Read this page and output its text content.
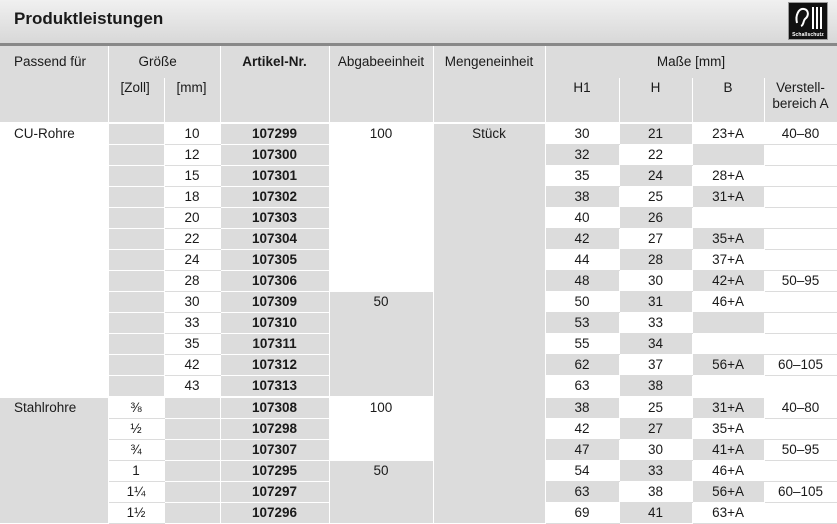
Produktleistungen
Schallschutz
Passend für	Größe		Artikel-Nr.	Abgabeeinheit	Mengeneinheit	Maße [mm]			
	[Zoll]	[mm]				H1	H	B	Verstell-
bereich A
CU-Rohre		10	107299	100	Stück	30	21	23+A	40–80
		12	107300			32	22		
		15	107301			35	24	28+A	
		18	107302			38	25	31+A	
		20	107303			40	26		
		22	107304			42	27	35+A	
		24	107305			44	28	37+A	
		28	107306			48	30	42+A	50–95
		30	107309	50		50	31	46+A	
		33	107310			53	33		
		35	107311			55	34		
		42	107312			62	37	56+A	60–105
		43	107313			63	38		
Stahlrohre	⅜		107308	100		38	25	31+A	40–80
	½		107298			42	27	35+A	
	¾		107307			47	30	41+A	50–95
	1		107295	50		54	33	46+A	
	1¼		107297			63	38	56+A	60–105
	1½		107296			69	41	63+A	
